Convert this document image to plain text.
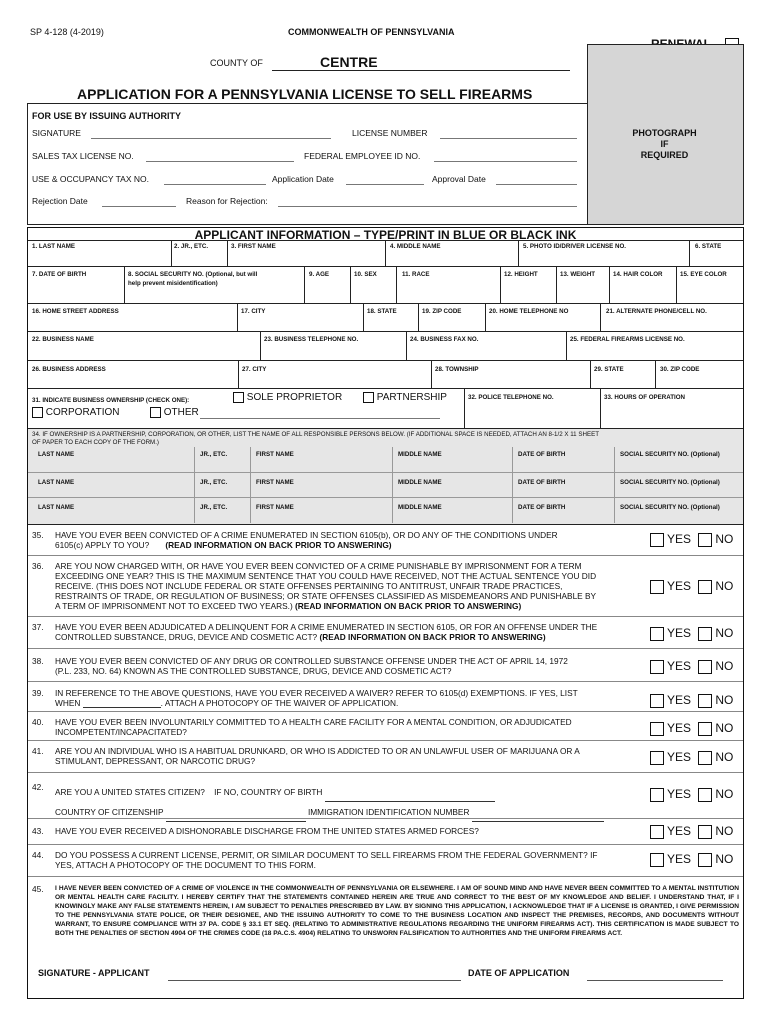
SP 4-128 (4-2019)	COMMONWEALTH OF PENNSYLVANIA
COUNTY OF	CENTRE
APPLICATION FOR A PENNSYLVANIA LICENSE TO SELL FIREARMS
PHOTOGRAPH
IF
REQUIRED
FOR USE BY ISSUING AUTHORITY
SIGNATURE	LICENSE NUMBER
SALES TAX LICENSE NO.	FEDERAL EMPLOYEE ID NO.
USE & OCCUPANCY TAX NO.	Application Date	Approval Date
Rejection Date	Reason for Rejection:
APPLICANT INFORMATION – TYPE/PRINT IN BLUE OR BLACK INK
1. LAST NAME	2. JR., ETC.	3. FIRST NAME	4. MIDDLE NAME	5. PHOTO ID/DRIVER LICENSE NO.	6. STATE
7. DATE OF BIRTH	8. SOCIAL SECURITY NO. (Optional, but will
help prevent misidentification)
9. AGE	10. SEX	11. RACE	12. HEIGHT	13. WEIGHT	14. HAIR COLOR	15. EYE COLOR
16. HOME STREET ADDRESS	17. CITY	18. STATE	19. ZIP CODE	20. HOME TELEPHONE NO	21. ALTERNATE PHONE/CELL NO.
22. BUSINESS NAME	23. BUSINESS TELEPHONE NO.	24. BUSINESS FAX NO.	25. FEDERAL FIREARMS LICENSE NO.
26. BUSINESS ADDRESS	27. CITY	28. TOWNSHIP	29. STATE	30. ZIP CODE
31. INDICATE BUSINESS OWNERSHIP (CHECK ONE):	SOLE PROPRIETOR	PARTNERSHIP
CORPORATION	OTHER
32. POLICE TELEPHONE NO.	33. HOURS OF OPERATION
34. IF OWNERSHIP IS A PARTNERSHIP, CORPORATION, OR OTHER, LIST THE NAME OF ALL RESPONSIBLE PERSONS BELOW. (IF ADDITIONAL SPACE IS NEEDED, ATTACH AN 8-1/2 X 11 SHEET
OF PAPER TO EACH COPY OF THE FORM.)
LAST NAME	JR., ETC.	FIRST NAME	MIDDLE NAME	DATE OF BIRTH	SOCIAL SECURITY NO. (Optional)
LAST NAME	JR., ETC.	FIRST NAME	MIDDLE NAME	DATE OF BIRTH	SOCIAL SECURITY NO. (Optional)
LAST NAME	JR., ETC.	FIRST NAME	MIDDLE NAME	DATE OF BIRTH	SOCIAL SECURITY NO. (Optional)
35. HAVE YOU EVER BEEN CONVICTED OF A CRIME ENUMERATED IN SECTION 6105(b), OR DO ANY OF THE CONDITIONS UNDER
6105(c) APPLY TO YOU? (READ INFORMATION ON BACK PRIOR TO ANSWERING)	YES NO
36. ARE YOU NOW CHARGED WITH, OR HAVE YOU EVER BEEN CONVICTED OF A CRIME PUNISHABLE BY IMPRISONMENT FOR A TERM
EXCEEDING ONE YEAR? THIS IS THE MAXIMUM SENTENCE THAT YOU COULD HAVE RECEIVED, NOT THE ACTUAL SENTENCE YOU DID
RECEIVE. (THIS DOES NOT INCLUDE FEDERAL OR STATE OFFENSES PERTAINING TO ANTITRUST, UNFAIR TRADE PRACTICES,
RESTRAINTS OF TRADE, OR REGULATION OF BUSINESS; OR STATE OFFENSES CLASSIFIED AS MISDEMEANORS AND PUNISHABLE BY
A TERM OF IMPRISONMENT NOT TO EXCEED TWO YEARS.) (READ INFORMATION ON BACK PRIOR TO ANSWERING)
YES NO
37. HAVE YOU EVER BEEN ADJUDICATED A DELINQUENT FOR A CRIME ENUMERATED IN SECTION 6105, OR FOR AN OFFENSE UNDER THE
CONTROLLED SUBSTANCE, DRUG, DEVICE AND COSMETIC ACT? (READ INFORMATION ON BACK PRIOR TO ANSWERING)	YES NO
38. HAVE YOU EVER BEEN CONVICTED OF ANY DRUG OR CONTROLLED SUBSTANCE OFFENSE UNDER THE ACT OF APRIL 14, 1972
(P.L. 233, NO. 64) KNOWN AS THE CONTROLLED SUBSTANCE, DRUG, DEVICE AND COSMETIC ACT?	YES NO
39. IN REFERENCE TO THE ABOVE QUESTIONS, HAVE YOU EVER RECEIVED A WAIVER? REFER TO 6105(d) EXEMPTIONS. IF YES, LIST
WHEN	. ATTACH A PHOTOCOPY OF THE WAIVER OF APPLICATION.	YES NO
40. HAVE YOU EVER BEEN INVOLUNTARILY COMMITTED TO A HEALTH CARE FACILITY FOR A MENTAL CONDITION, OR ADJUDICATED
INCOMPETENT/INCAPACITATED?	YES NO
41. ARE YOU AN INDIVIDUAL WHO IS A HABITUAL DRUNKARD, OR WHO IS ADDICTED TO OR AN UNLAWFUL USER OF MARIJUANA OR A
STIMULANT, DEPRESSANT, OR NARCOTIC DRUG?	YES NO
42. ARE YOU A UNITED STATES CITIZEN? IF NO, COUNTRY OF BIRTH
COUNTRY OF CITIZENSHIP	IMMIGRATION IDENTIFICATION NUMBER
YES NO
43. HAVE YOU EVER RECEIVED A DISHONORABLE DISCHARGE FROM THE UNITED STATES ARMED FORCES?	YES NO
44. DO YOU POSSESS A CURRENT LICENSE, PERMIT, OR SIMILAR DOCUMENT TO SELL FIREARMS FROM THE FEDERAL GOVERNMENT? IF
YES, ATTACH A PHOTOCOPY OF THE DOCUMENT TO THIS FORM.	YES NO
45. I HAVE NEVER BEEN CONVICTED OF A CRIME OF VIOLENCE IN THE COMMONWEALTH OF PENNSYLVANIA OR ELSEWHERE. I AM OF SOUND MIND AND HAVE NEVER BEEN COMMITTED TO A MENTAL INSTITUTION OR MENTAL HEALTH CARE FACILITY. I HEREBY CERTIFY THAT THE STATEMENTS CONTAINED HEREIN ARE TRUE AND CORRECT TO THE BEST OF MY KNOWLEDGE AND BELIEF. I UNDERSTAND THAT, IF I KNOWINGLY MAKE ANY FALSE STATEMENTS HEREIN, I AM SUBJECT TO PENALTIES PRESCRIBED BY LAW. BY SIGNING THIS APPLICATION, I ACKNOWLEDGE THAT IF A LICENSE IS GRANTED, I GIVE PERMISSION TO THE PENNSYLVANIA STATE POLICE, OR THEIR DESIGNEE, AND THE ISSUING AUTHORITY TO COME TO THE BUSINESS LOCATION AND INSPECT THE PREMISES, RECORDS, AND DOCUMENTS WITHOUT WARRANT, TO ENSURE COMPLIANCE WITH 37 PA. CODE § 33.1 ET SEQ. (RELATING TO ADMINISTRATIVE REGULATIONS REGARDING THE UNIFORM FIREARMS ACT). THIS CERTIFICATION IS MADE SUBJECT TO BOTH THE PENALTIES OF SECTION 4904 OF THE CRIMES CODE (18 PA.C.S. 4904) RELATING TO UNSWORN FALSIFICATION TO AUTHORITIES AND THE UNIFORM FIREARMS ACT.
SIGNATURE - APPLICANT	DATE OF APPLICATION
